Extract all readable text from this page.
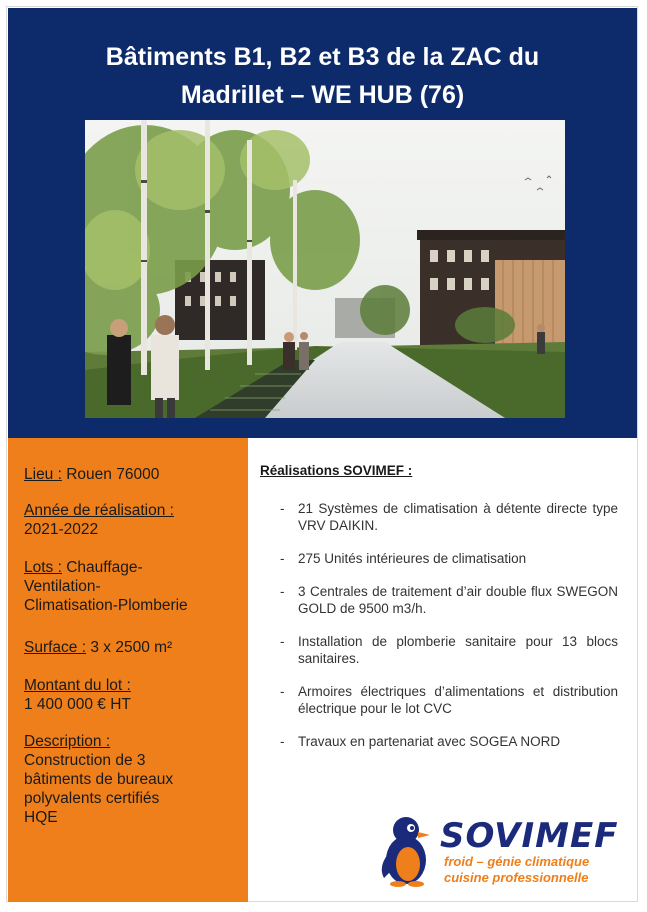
Bâtiments B1, B2 et B3 de la ZAC du
Madrillet – WE HUB (76)

Lieu : Rouen 76000
Année de réalisation :
2021-2022
Lots : Chauffage-
Ventilation-
Climatisation-Plomberie
Surface : 3 x 2500 m²
Montant du lot :
1 400 000 € HT
Description :
Construction de 3
bâtiments de bureaux
polyvalents certifiés
HQE

Réalisations SOVIMEF :

- 21 Systèmes de climatisation à détente directe type VRV DAIKIN.
- 275 Unités intérieures de climatisation
- 3 Centrales de traitement d’air double flux SWEGON GOLD de 9500 m3/h.
- Installation de plomberie sanitaire pour 13 blocs sanitaires.
- Armoires électriques d’alimentations et distribution électrique pour le lot CVC
- Travaux en partenariat avec SOGEA NORD
SOVIMEF
froid – génie climatique
cuisine professionnelle
